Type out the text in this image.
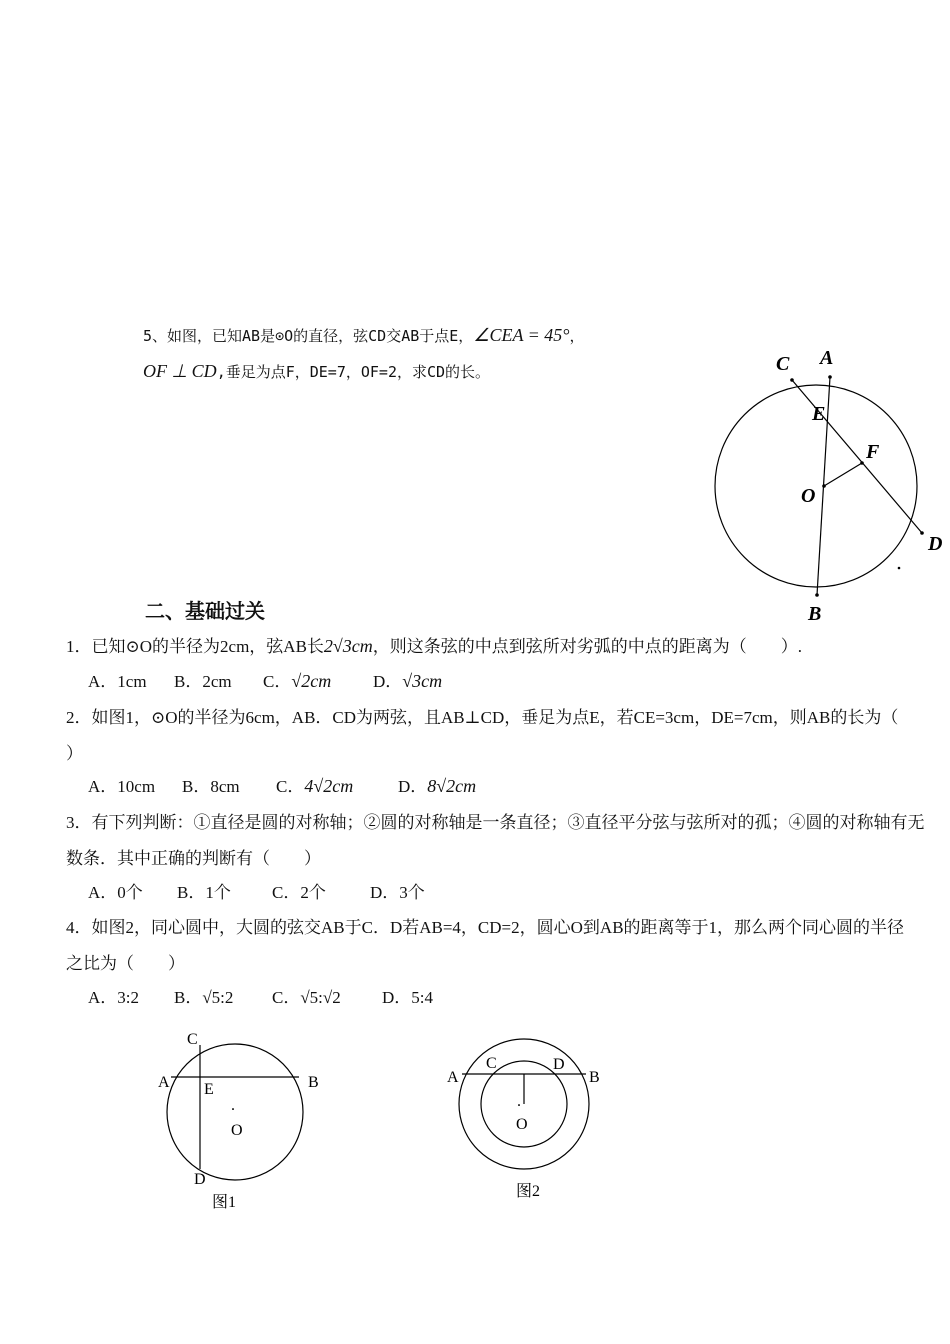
5、如图，已知AB是⊙O的直径，弦CD交AB于点E，∠CEA = 45°，
OF ⊥ CD,垂足为点F，DE=7，OF=2，求CD的长。	C A
E
F
O
D
B
二、基础过关
1．已知⊙O的半径为2cm，弦AB长2√3cm，则这条弦的中点到弦所对劣弧的中点的距离为（　　）.
A．1cm B．2cm C．√2cm D．√3cm
2．如图1，⊙O的半径为6cm，AB．CD为两弦，且AB⊥CD，垂足为点E，若CE=3cm，DE=7cm，则AB的长为（
）
A．10cm B．8cm C．4√2cm	D．8√2cm
3．有下列判断：①直径是圆的对称轴；②圆的对称轴是一条直径；③直径平分弦与弦所对的孤；④圆的对称轴有无
数条．其中正确的判断有（　　）
A．0个 B．1个 C．2个	D．3个
4．如图2，同心圆中，大圆的弦交AB于C．D若AB=4，CD=2，圆心O到AB的距离等于1，那么两个同心圆的半径
之比为（　　）
A．3:2 B．√5:2 C．√5:√2 D．5:4
C
A	B
E
.
O
D
图1
A
C	D
B
.
O
图2
